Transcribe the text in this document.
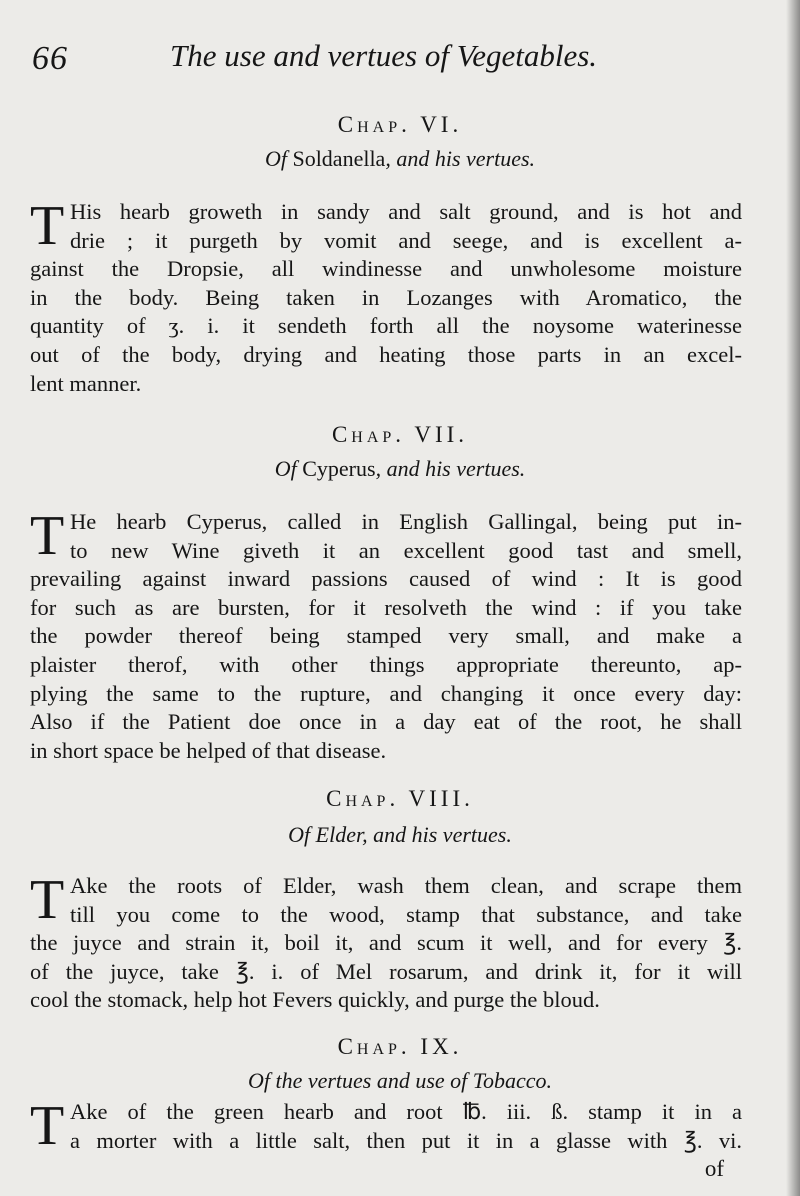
66	The use and vertues of Vegetables.
Chap. VI.
Of Soldanella, and his vertues.
T His hearb groweth in sandy and salt ground, and is hot and
drie ; it purgeth by vomit and seege, and is excellent a-
gainst the Dropsie, all windinesse and unwholesome moisture
in the body. Being taken in Lozanges with Aromatico, the
quantity of ʒ. i. it sendeth forth all the noysome waterinesse
out of the body, drying and heating those parts in an excel-
lent manner.
Chap. VII.
Of Cyperus, and his vertues.
T He hearb Cyperus, called in English Gallingal, being put in-
to new Wine giveth it an excellent good tast and smell,
prevailing against inward passions caused of wind : It is good
for such as are bursten, for it resolveth the wind : if you take
the powder thereof being stamped very small, and make a
plaister therof, with other things appropriate thereunto, ap-
plying the same to the rupture, and changing it once every day:
Also if the Patient doe once in a day eat of the root, he shall
in short space be helped of that disease.
Chap. VIII.
Of Elder, and his vertues.
T Ake the roots of Elder, wash them clean, and scrape them
till you come to the wood, stamp that substance, and take
the juyce and strain it, boil it, and scum it well, and for every ℥.
of the juyce, take ℥. i. of Mel rosarum, and drink it, for it will
cool the stomack, help hot Fevers quickly, and purge the bloud.
Chap. IX.
Of the vertues and use of Tobacco.
T Ake of the green hearb and root ℔. iii. ß. stamp it in a
a morter with a little salt, then put it in a glasse with ℥. vi.
of
